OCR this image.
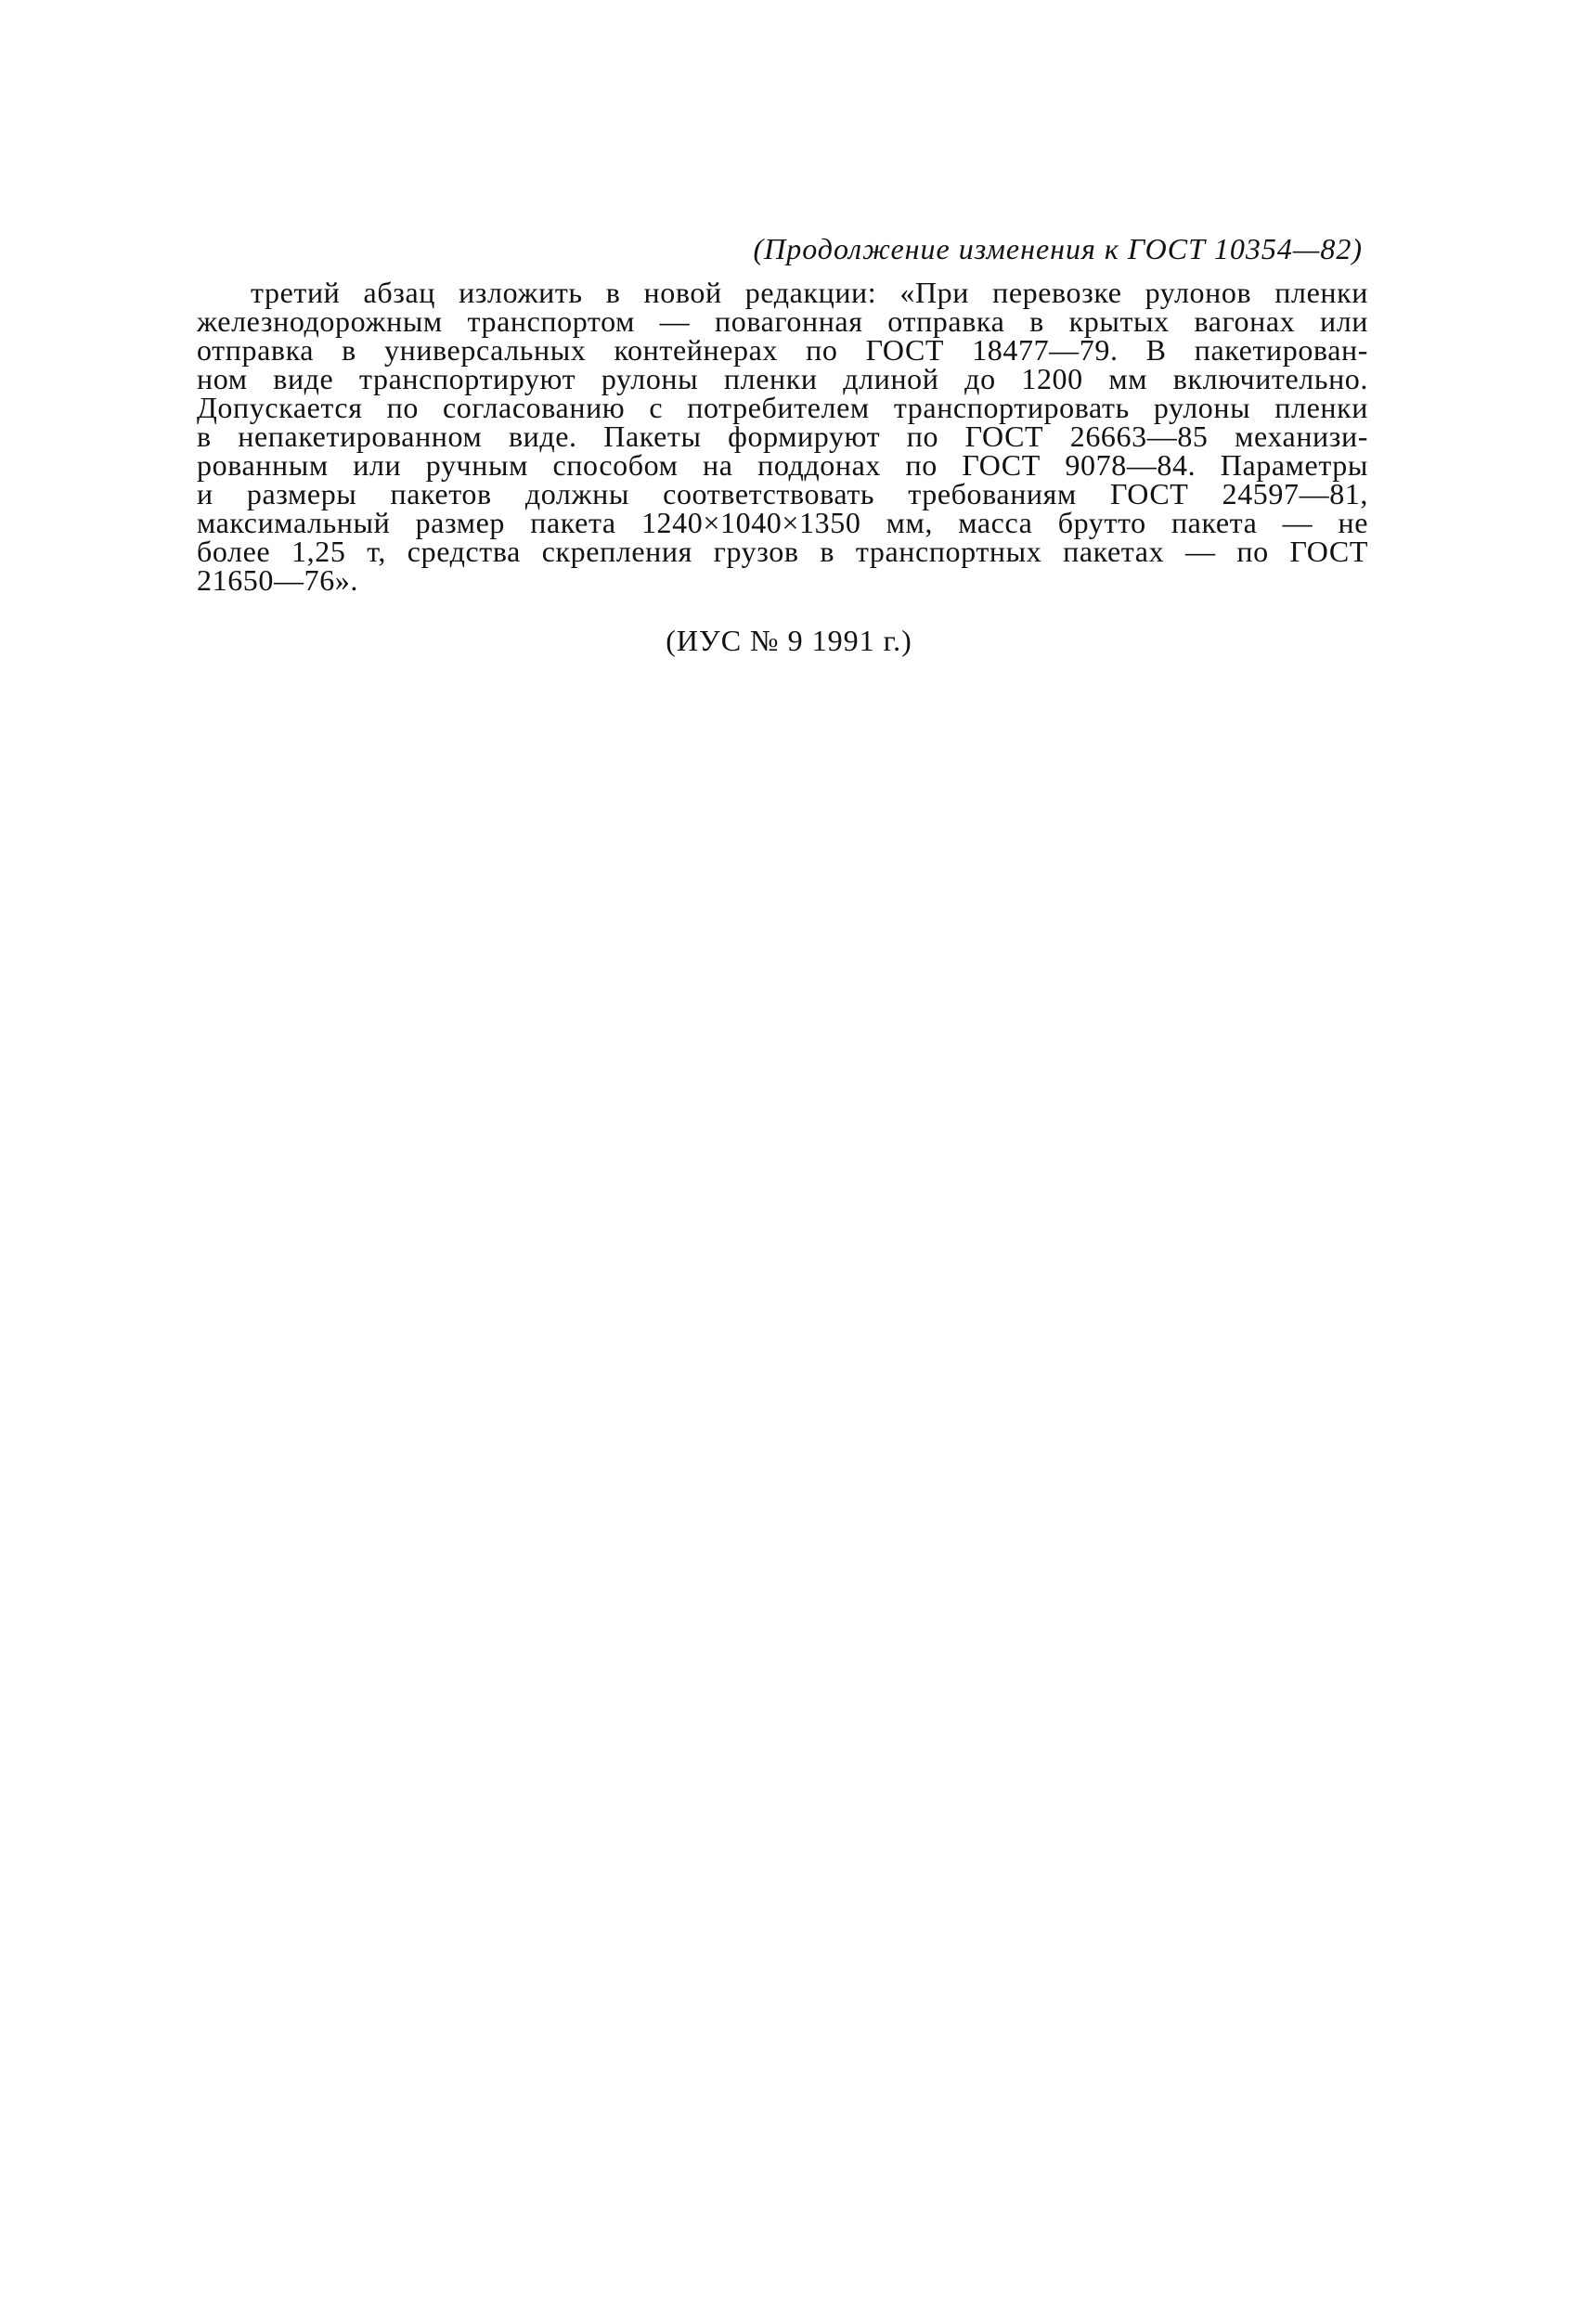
(Продолжение изменения к ГОСТ 10354—82)
третий абзац изложить в новой редакции: «При перевозке рулонов пленки
железнодорожным транспортом — повагонная отправка в крытых вагонах или
отправка в универсальных контейнерах по ГОСТ 18477—79. В пакетирован-
ном виде транспортируют рулоны пленки длиной до 1200 мм включительно.
Допускается по согласованию с потребителем транспортировать рулоны пленки
в непакетированном виде. Пакеты формируют по ГОСТ 26663—85 механизи-
рованным или ручным способом на поддонах по ГОСТ 9078—84. Параметры
и размеры пакетов должны соответствовать требованиям ГОСТ 24597—81,
максимальный размер пакета 1240×1040×1350 мм, масса брутто пакета — не
более 1,25 т, средства скрепления грузов в транспортных пакетах — по ГОСТ
21650—76».
(ИУС № 9 1991 г.)
